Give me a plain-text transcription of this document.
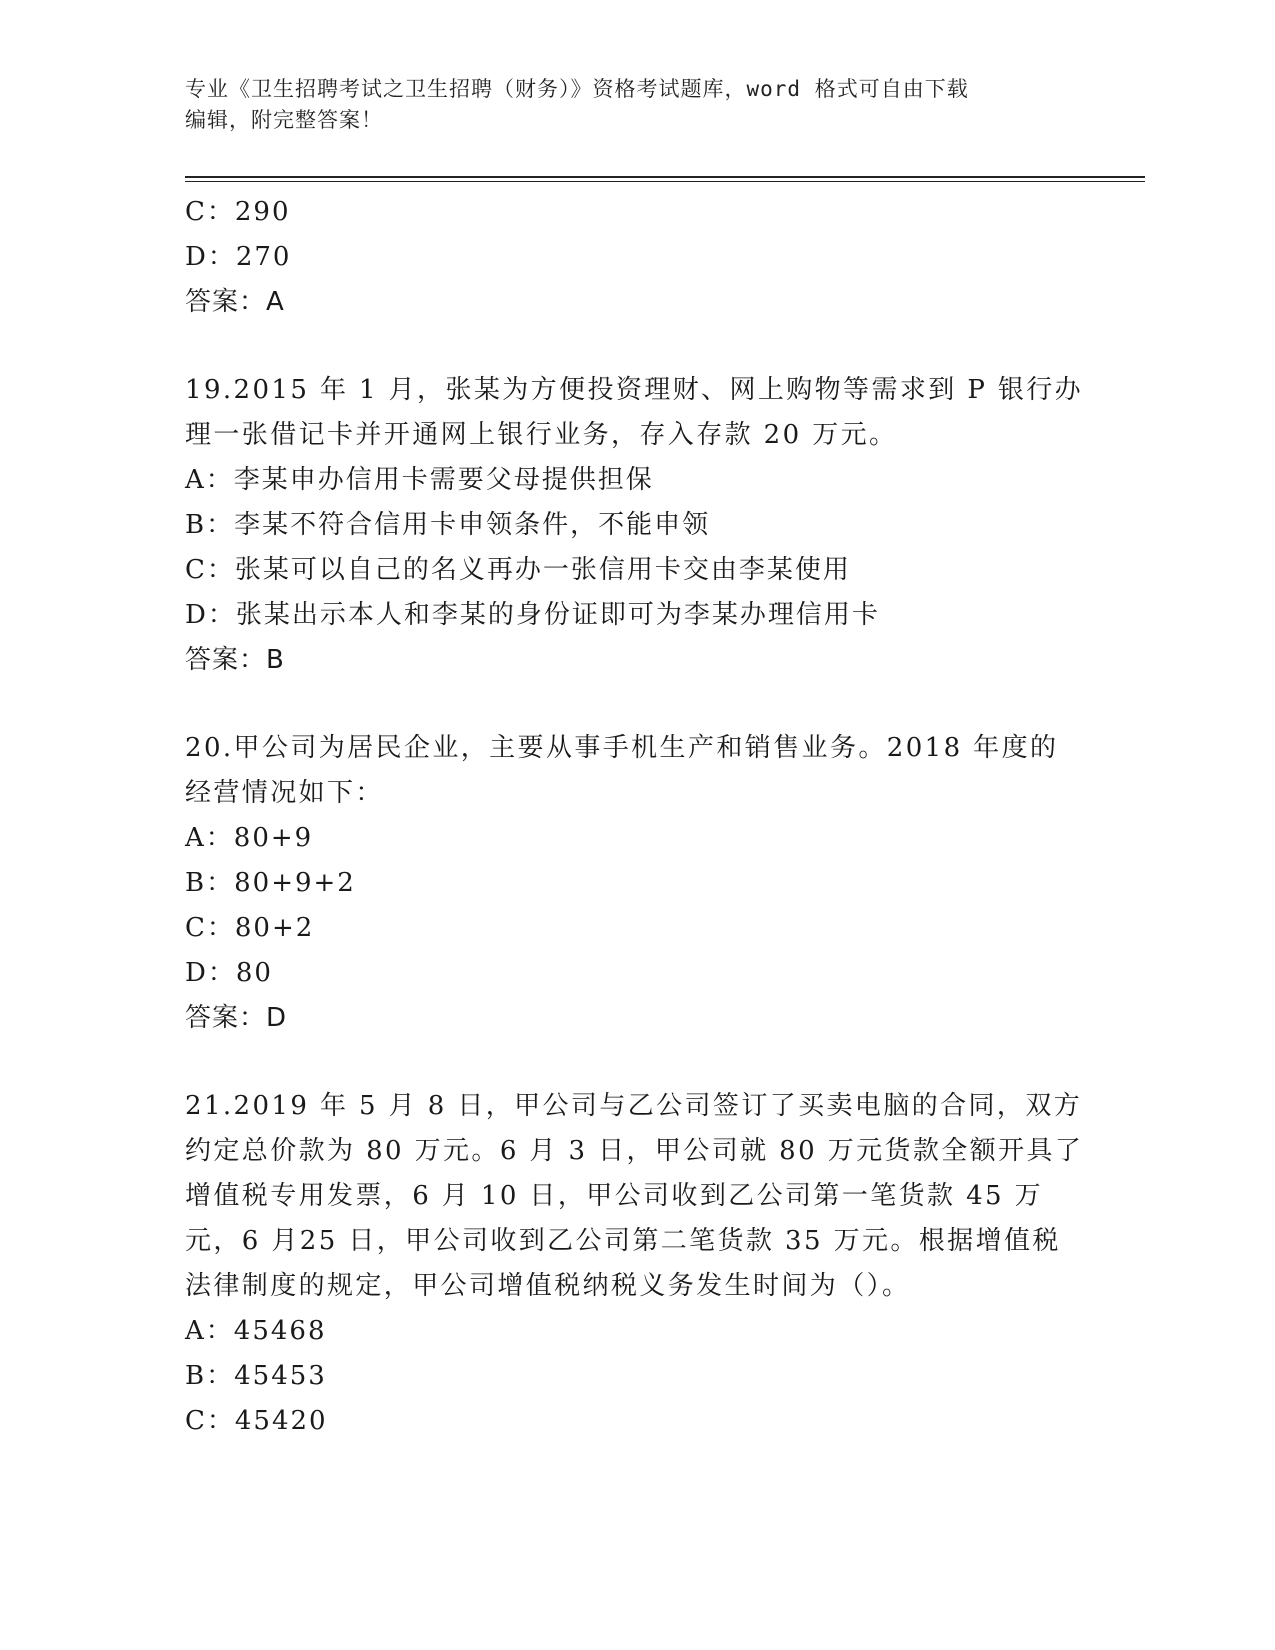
专业《卫生招聘考试之卫生招聘（财务）》资格考试题库，word 格式可自由下载
编辑，附完整答案！
C：290
D：270
答案：A
19.2015 年 1 月，张某为方便投资理财、网上购物等需求到 P 银行办理一张借记卡并开通网上银行业务，存入存款 20 万元。
A：李某申办信用卡需要父母提供担保
B：李某不符合信用卡申领条件，不能申领
C：张某可以自己的名义再办一张信用卡交由李某使用
D：张某出示本人和李某的身份证即可为李某办理信用卡
答案：B
20.甲公司为居民企业，主要从事手机生产和销售业务。2018 年度的经营情况如下：
A：80+9
B：80+9+2
C：80+2
D：80
答案：D
21.2019 年 5 月 8 日，甲公司与乙公司签订了买卖电脑的合同，双方约定总价款为 80 万元。6 月 3 日，甲公司就 80 万元货款全额开具了增值税专用发票，6 月 10 日，甲公司收到乙公司第一笔货款 45 万元，6 月25 日，甲公司收到乙公司第二笔货款 35 万元。根据增值税法律制度的规定，甲公司增值税纳税义务发生时间为（）。
A：45468
B：45453
C：45420
